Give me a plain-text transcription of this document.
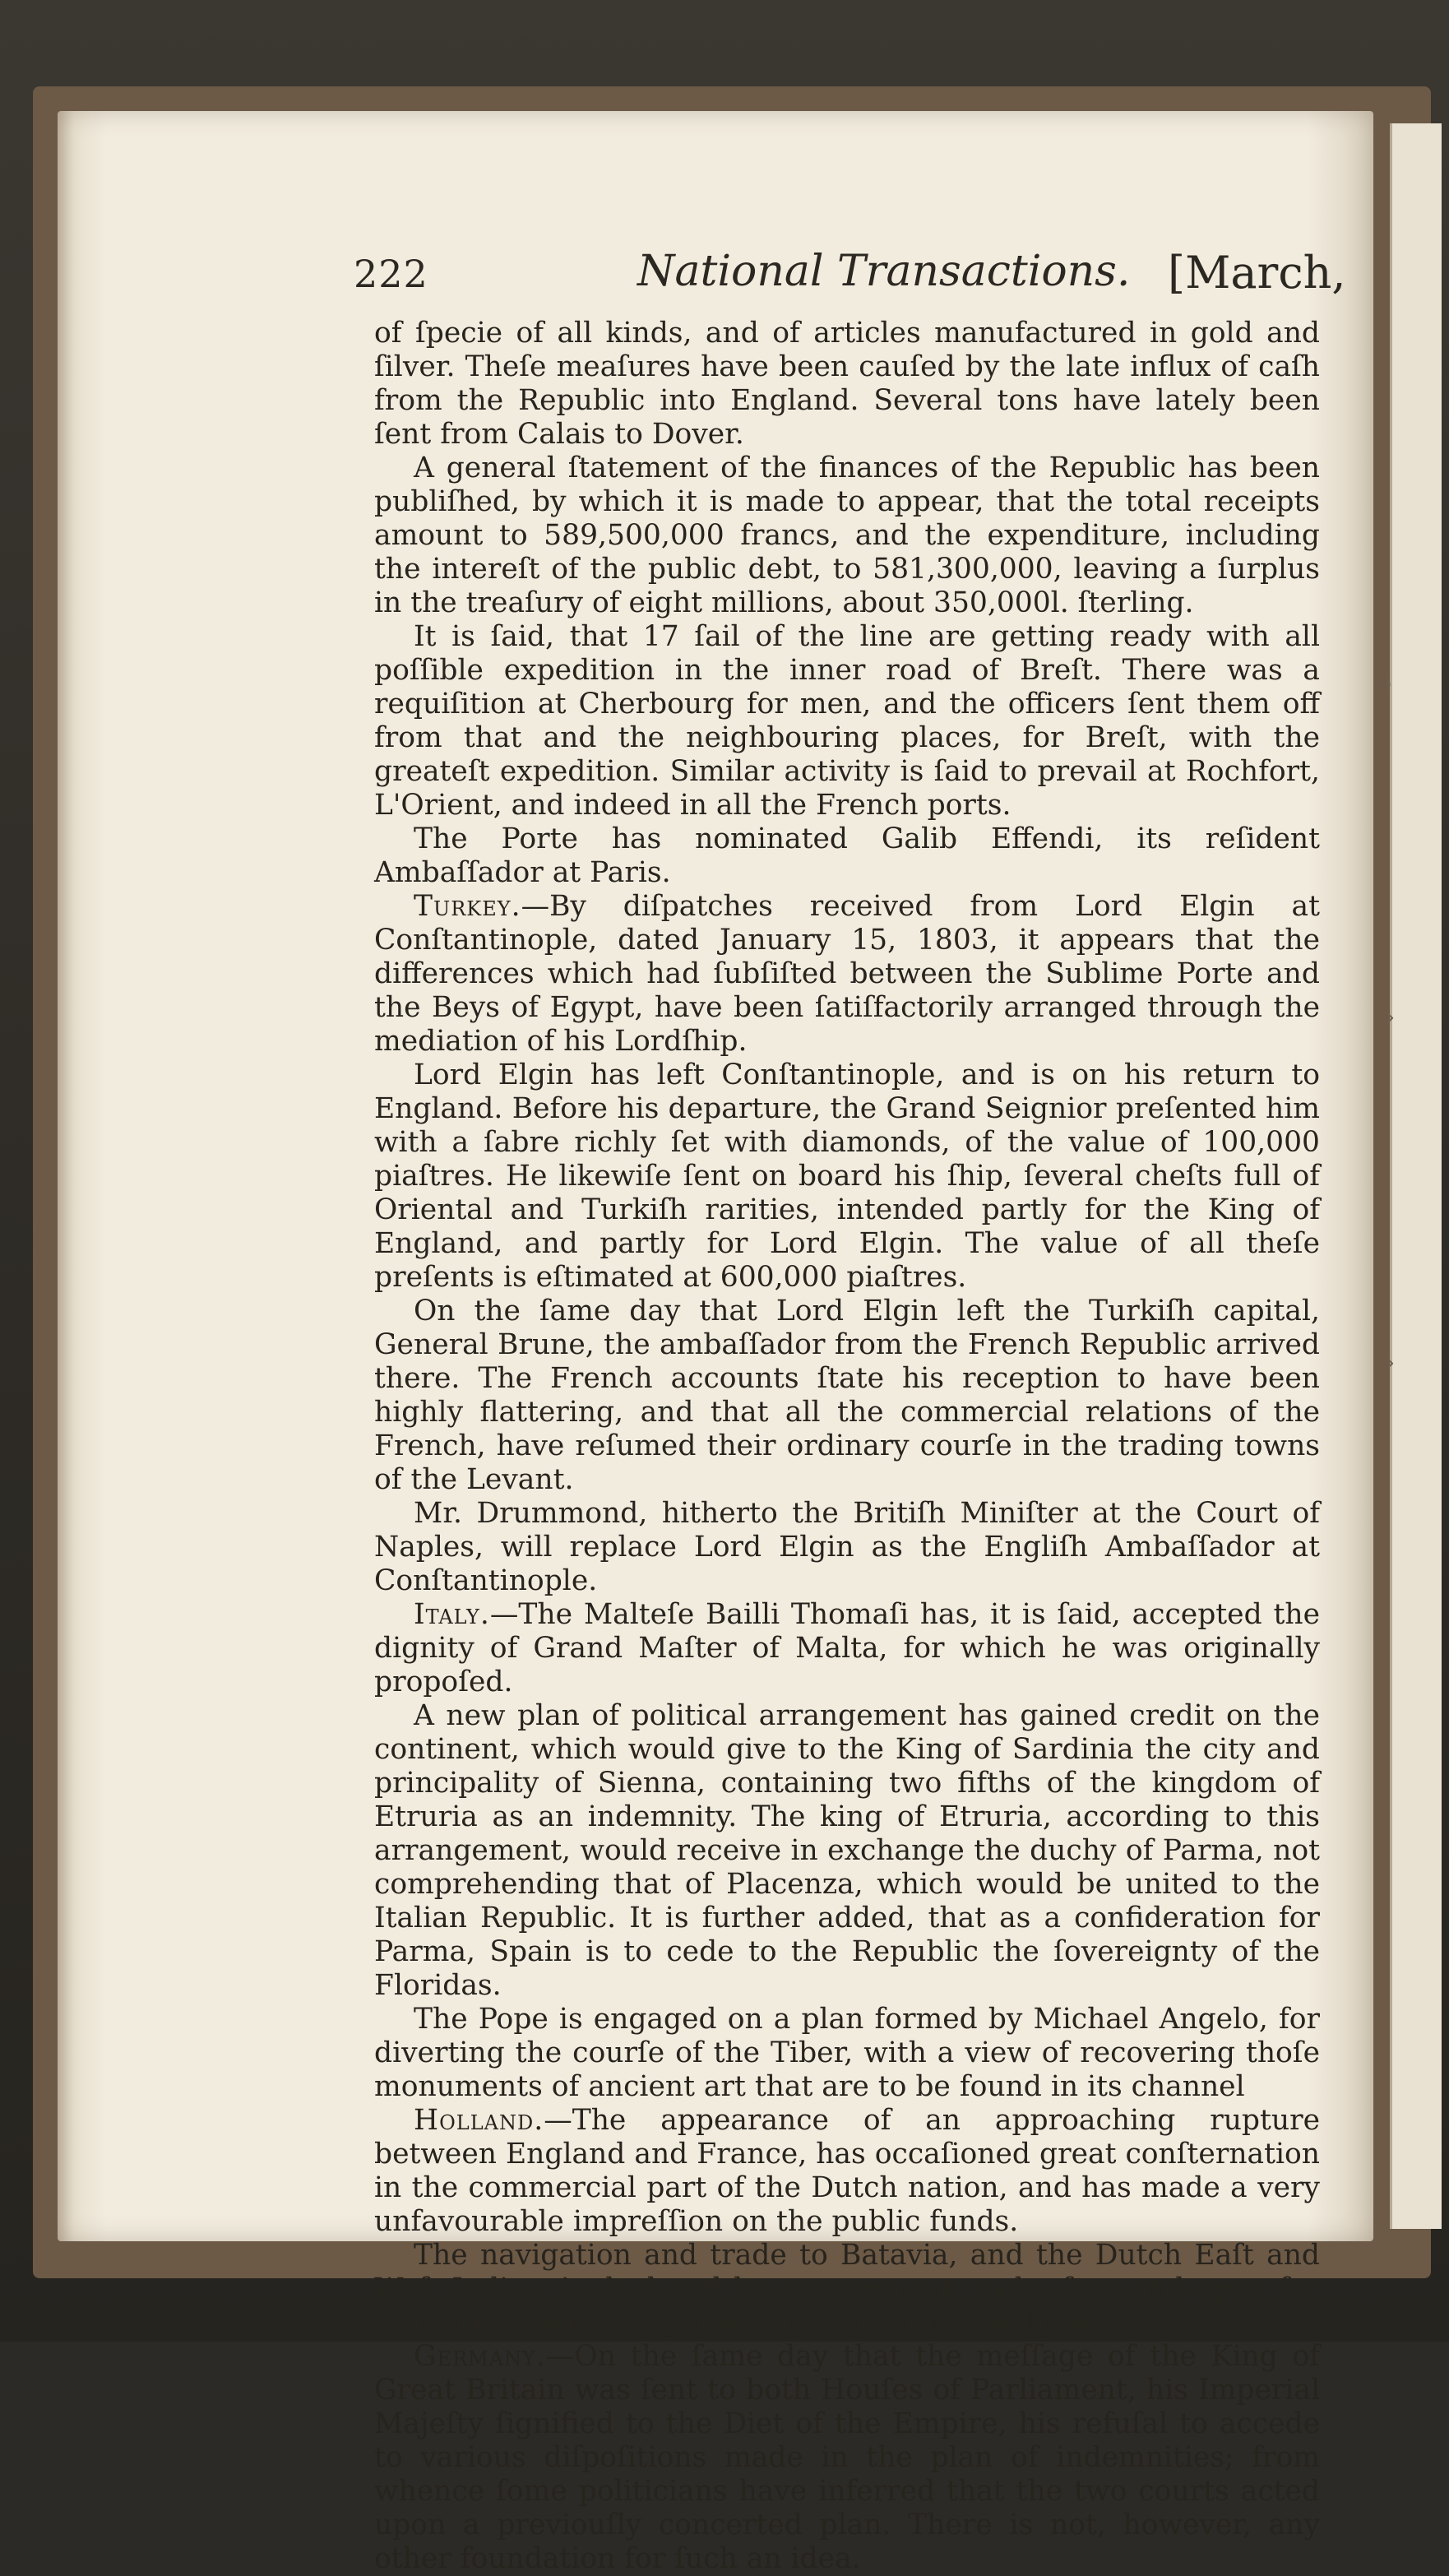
222	National Transactions. [March,

of ſpecie of all kinds, and of articles manufactured in gold and ſilver. Theſe meaſures have been cauſed by the late influx of caſh from the Republic into England. Several tons have lately been ſent from Calais to Dover.

A general ſtatement of the finances of the Republic has been publiſhed, by which it is made to appear, that the total receipts amount to 589,500,000 francs, and the expenditure, including the intereſt of the public debt, to 581,300,000, leaving a ſurplus in the treaſury of eight millions, about 350,000l. ſterling.

It is ſaid, that 17 ſail of the line are getting ready with all poſſible expedition in the inner road of Breſt. There was a requiſition at Cherbourg for men, and the officers ſent them off from that and the neighbouring places, for Breſt, with the greateſt expedition. Similar activity is ſaid to prevail at Rochfort, L'Orient, and indeed in all the French ports.

The Porte has nominated Galib Effendi, its reſident Ambaſſador at Paris.

Turkey.—By diſpatches received from Lord Elgin at Conſtantinople, dated January 15, 1803, it appears that the differences which had ſubſiſted between the Sublime Porte and the Beys of Egypt, have been ſatiſfactorily arranged through the mediation of his Lordſhip.

Lord Elgin has left Conſtantinople, and is on his return to England. Before his departure, the Grand Seignior preſented him with a ſabre richly ſet with diamonds, of the value of 100,000 piaſtres. He likewiſe ſent on board his ſhip, ſeveral cheſts full of Oriental and Turkiſh rarities, intended partly for the King of England, and partly for Lord Elgin. The value of all theſe preſents is eſtimated at 600,000 piaſtres.

On the ſame day that Lord Elgin left the Turkiſh capital, General Brune, the ambaſſador from the French Republic arrived there. The French accounts ſtate his reception to have been highly flattering, and that all the commercial relations of the French, have reſumed their ordinary courſe in the trading towns of the Levant.

Mr. Drummond, hitherto the Britiſh Miniſter at the Court of Naples, will replace Lord Elgin as the Engliſh Ambaſſador at Conſtantinople.

Italy.—The Malteſe Bailli Thomaſi has, it is ſaid, accepted the dignity of Grand Maſter of Malta, for which he was originally propoſed.

A new plan of political arrangement has gained credit on the continent, which would give to the King of Sardinia the city and principality of Sienna, containing two fifths of the kingdom of Etruria as an indemnity. The king of Etruria, according to this arrangement, would receive in exchange the duchy of Parma, not comprehending that of Placenza, which would be united to the Italian Republic. It is further added, that as a confideration for Parma, Spain is to cede to the Republic the ſovereignty of the Floridas.

The Pope is engaged on a plan formed by Michael Angelo, for diverting the courſe of the Tiber, with a view of recovering thoſe monuments of ancient art that are to be found in its channel

Holland.—The appearance of an approaching rupture between England and France, has occaſioned great conſternation in the commercial part of the Dutch nation, and has made a very unfavourable impreſſion on the public funds.

The navigation and trade to Batavia, and the Dutch Eaſt and Weſt Indies, is declared by government, to be free and open for all nations of the Republic under certain conditions.

Germany.—On the ſame day that the meſſage of the King of Great Britain was ſent to both Houſes of Parliament, his Imperial Majeſty ſignified to the Diet of the Empire, his refuſal to accede to various diſpoſitions made in the plan of indemnities; from whence ſome politicians have inferred that the two courts acted upon a previouſly concerted plan. There is not, however, any other foundation for ſuch an idea.

⁾
›
›
